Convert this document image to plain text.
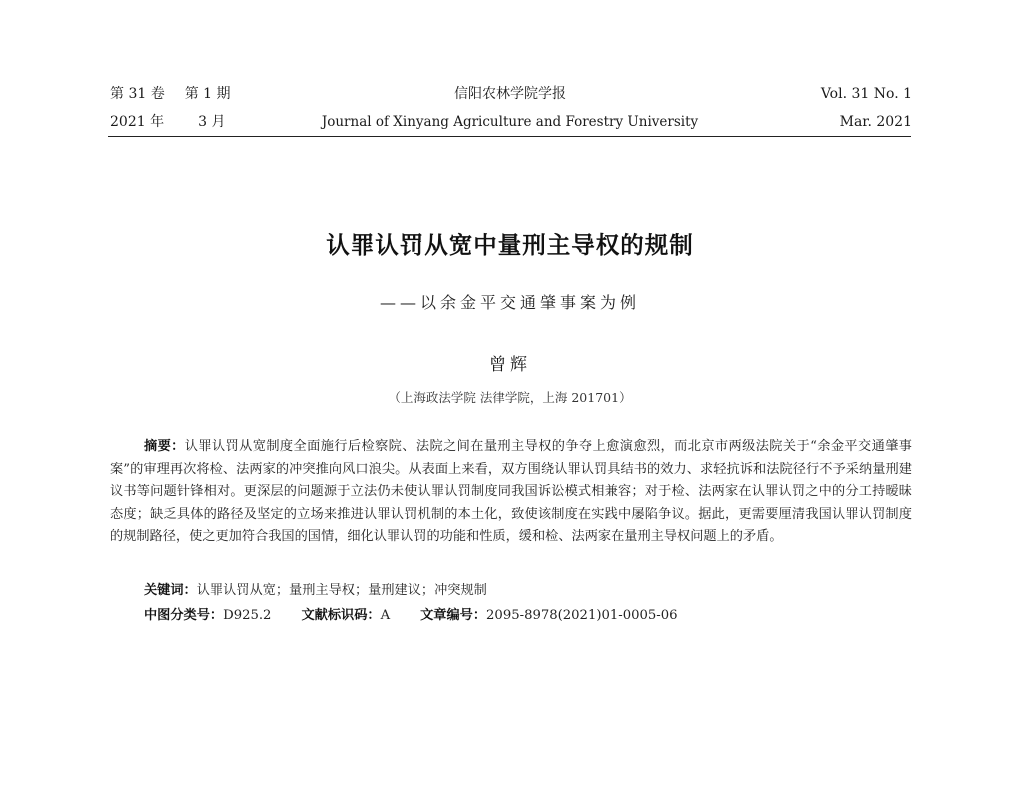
第 31 卷 第 1 期
2021 年 3 月
信阳农林学院学报
Journal of Xinyang Agriculture and Forestry University
Vol. 31 No. 1
Mar. 2021
认罪认罚从宽中量刑主导权的规制
——以余金平交通肇事案为例
曾辉
（上海政法学院 法律学院，上海 201701）
摘要：认罪认罚从宽制度全面施行后检察院、法院之间在量刑主导权的争夺上愈演愈烈，而北京市两级法院关于“余金平交通肇事案”的审理再次将检、法两家的冲突推向风口浪尖。从表面上来看，双方围绕认罪认罚具结书的效力、求轻抗诉和法院径行不予采纳量刑建议书等问题针锋相对。更深层的问题源于立法仍未使认罪认罚制度同我国诉讼模式相兼容；对于检、法两家在认罪认罚之中的分工持暧昧态度；缺乏具体的路径及坚定的立场来推进认罪认罚机制的本土化，致使该制度在实践中屡陷争议。据此，更需要厘清我国认罪认罚制度的规制路径，使之更加符合我国的国情，细化认罪认罚的功能和性质，缓和检、法两家在量刑主导权问题上的矛盾。
关键词：认罪认罚从宽；量刑主导权；量刑建议；冲突规制
中图分类号：D925.2 文献标识码：A 文章编号：2095-8978(2021)01-0005-06
